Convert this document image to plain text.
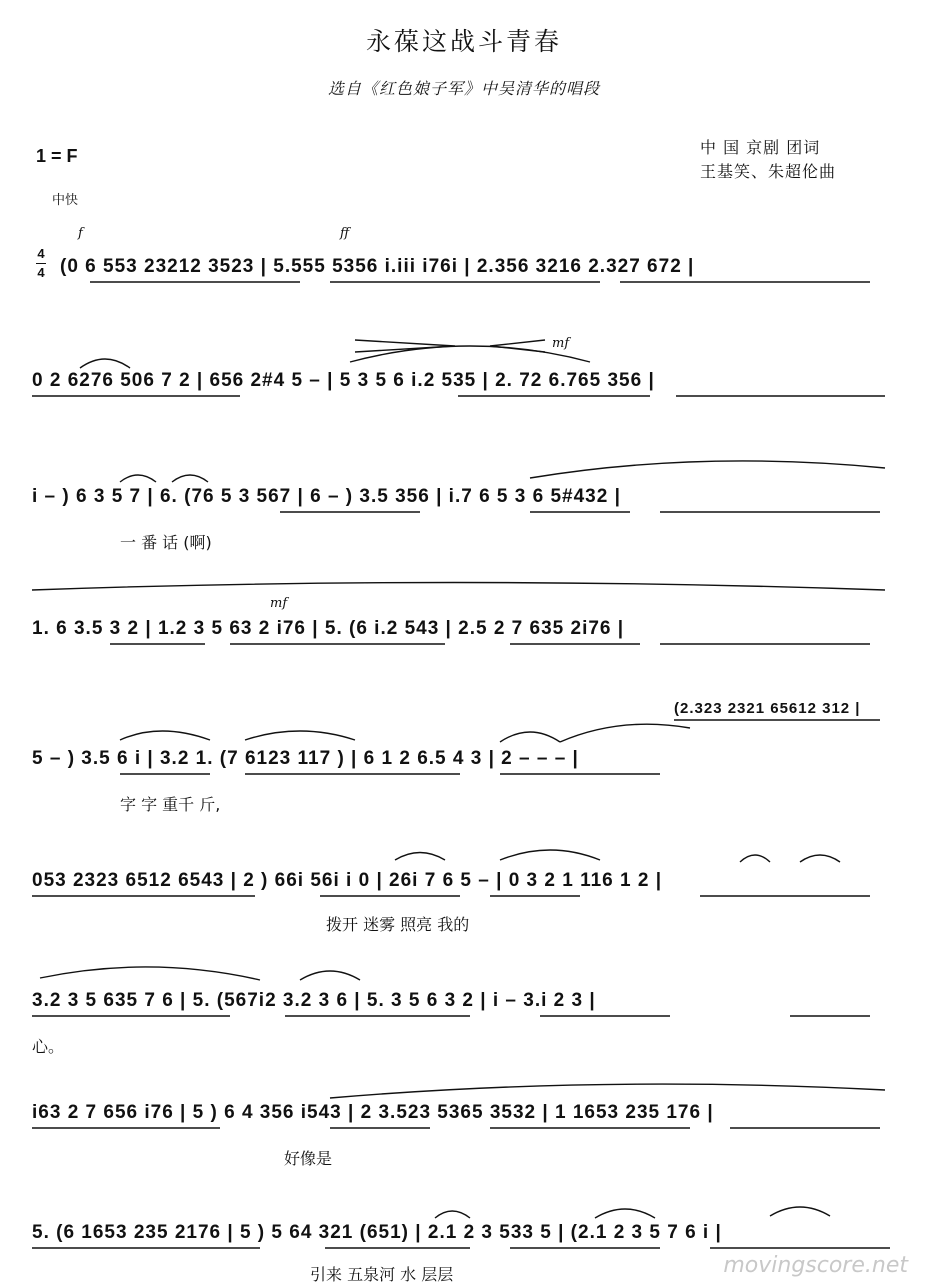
永葆这战斗青春
选自《红色娘子军》中吴清华的唱段
1 = F
中快
中 国 京剧 团词
王基笑、朱超伦曲
4
4
f	ff
mf
mf
(0 6 553 23212 3523 | 5.555 5356 i.iii i76i | 2.356 3216 2.327 672 |
0 2 6276 506 7 2 | 656 2#4 5 – | 5 3 5 6 i.2 535 | 2. 72 6.765 356 |
i – ) 6 3 5 7 | 6. (76 5 3 567 | 6 – ) 3.5 356 | i.7 6 5 3 6 5#432 |
一 番 话 (啊)
1. 6 3.5 3 2 | 1.2 3 5 63 2 i76 | 5. (6 i.2 543 | 2.5 2 7 635 2i76 |
(2.323 2321 65612 312 |
5 – ) 3.5 6 i | 3.2 1. (7 6123 117 ) | 6 1 2 6.5 4 3 | 2 – – – |
字 字 重千 斤,
053 2323 6512 6543 | 2 ) 66i 56i i 0 | 26i 7 6 5 – | 0 3 2 1 116 1 2 |
拨开 迷雾 照亮 我的
3.2 3 5 635 7 6 | 5. (567i2 3.2 3 6 | 5. 3 5 6 3 2 | i – 3.i 2 3 |
心。
i63 2 7 656 i76 | 5 ) 6 4 356 i543 | 2 3.523 5365 3532 | 1 1653 235 176 |
好像是
5. (6 1653 235 2176 | 5 ) 5 64 321 (651) | 2.1 2 3 533 5 | (2.1 2 3 5 7 6 i |
引来 五泉河 水 层层	movingscore.net
